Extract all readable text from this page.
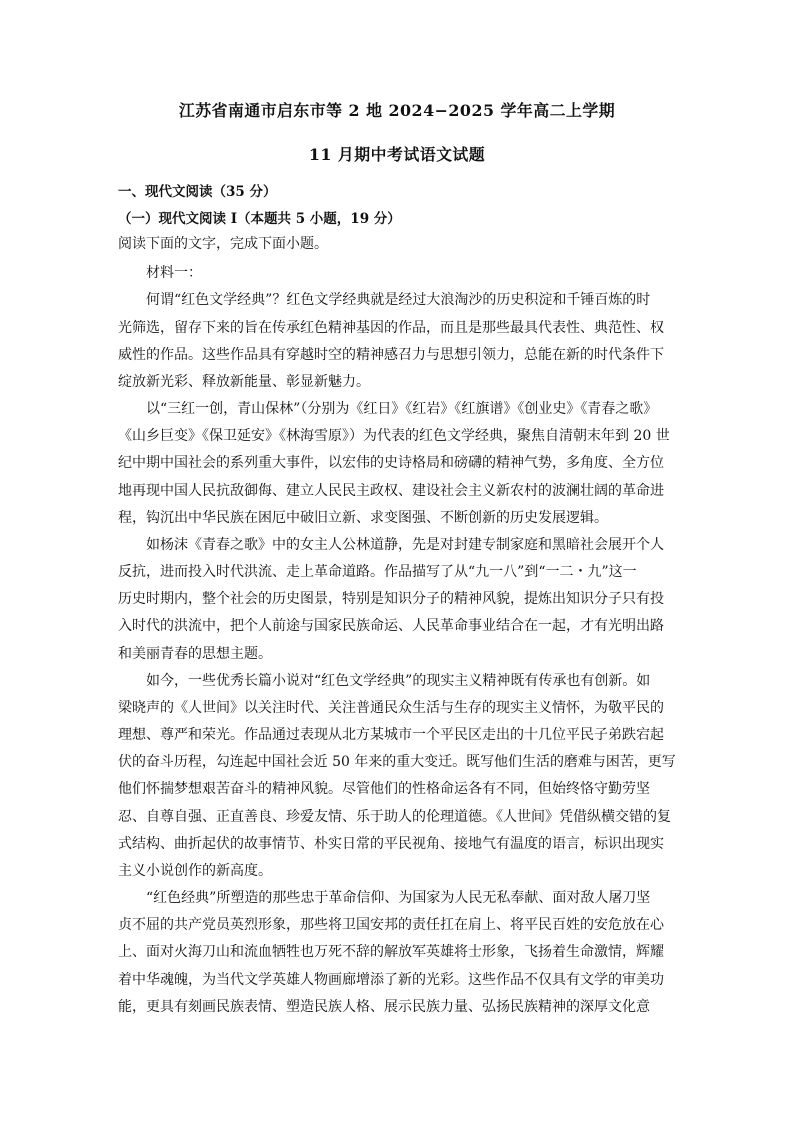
江苏省南通市启东市等 2 地 2024−2025 学年高二上学期
11 月期中考试语文试题
一、现代文阅读（35 分）
（一）现代文阅读 I（本题共 5 小题，19 分）
阅读下面的文字，完成下面小题。
材料一：
何谓“红色文学经典”？红色文学经典就是经过大浪淘沙的历史积淀和千锤百炼的时
光筛选，留存下来的旨在传承红色精神基因的作品，而且是那些最具代表性、典范性、权
威性的作品。这些作品具有穿越时空的精神感召力与思想引领力，总能在新的时代条件下
绽放新光彩、释放新能量、彰显新魅力。
以“三红一创，青山保林”（分别为《红日》《红岩》《红旗谱》《创业史》《青春之歌》
《山乡巨变》《保卫延安》《林海雪原》）为代表的红色文学经典，聚焦自清朝末年到 20 世
纪中期中国社会的系列重大事件，以宏伟的史诗格局和磅礴的精神气势，多角度、全方位
地再现中国人民抗敌御侮、建立人民民主政权、建设社会主义新农村的波澜壮阔的革命进
程，钩沉出中华民族在困厄中破旧立新、求变图强、不断创新的历史发展逻辑。
如杨沫《青春之歌》中的女主人公林道静，先是对封建专制家庭和黑暗社会展开个人
反抗，进而投入时代洪流、走上革命道路。作品描写了从“九一八”到“一二・九”这一
历史时期内，整个社会的历史图景，特别是知识分子的精神风貌，提炼出知识分子只有投
入时代的洪流中，把个人前途与国家民族命运、人民革命事业结合在一起，才有光明出路
和美丽青春的思想主题。
如今，一些优秀长篇小说对“红色文学经典”的现实主义精神既有传承也有创新。如
梁晓声的《人世间》以关注时代、关注普通民众生活与生存的现实主义情怀，为敬平民的
理想、尊严和荣光。作品通过表现从北方某城市一个平民区走出的十几位平民子弟跌宕起
伏的奋斗历程，勾连起中国社会近 50 年来的重大变迁。既写他们生活的磨难与困苦，更写
他们怀揣梦想艰苦奋斗的精神风貌。尽管他们的性格命运各有不同，但始终恪守勤劳坚
忍、自尊自强、正直善良、珍爱友情、乐于助人的伦理道德。《人世间》凭借纵横交错的复
式结构、曲折起伏的故事情节、朴实日常的平民视角、接地气有温度的语言，标识出现实
主义小说创作的新高度。
“红色经典”所塑造的那些忠于革命信仰、为国家为人民无私奉献、面对敌人屠刀坚
贞不屈的共产党员英烈形象，那些将卫国安邦的责任扛在肩上、将平民百姓的安危放在心
上、面对火海刀山和流血牺牲也万死不辞的解放军英雄将士形象，飞扬着生命激情，辉耀
着中华魂魄，为当代文学英雄人物画廊增添了新的光彩。这些作品不仅具有文学的审美功
能，更具有刻画民族表情、塑造民族人格、展示民族力量、弘扬民族精神的深厚文化意
